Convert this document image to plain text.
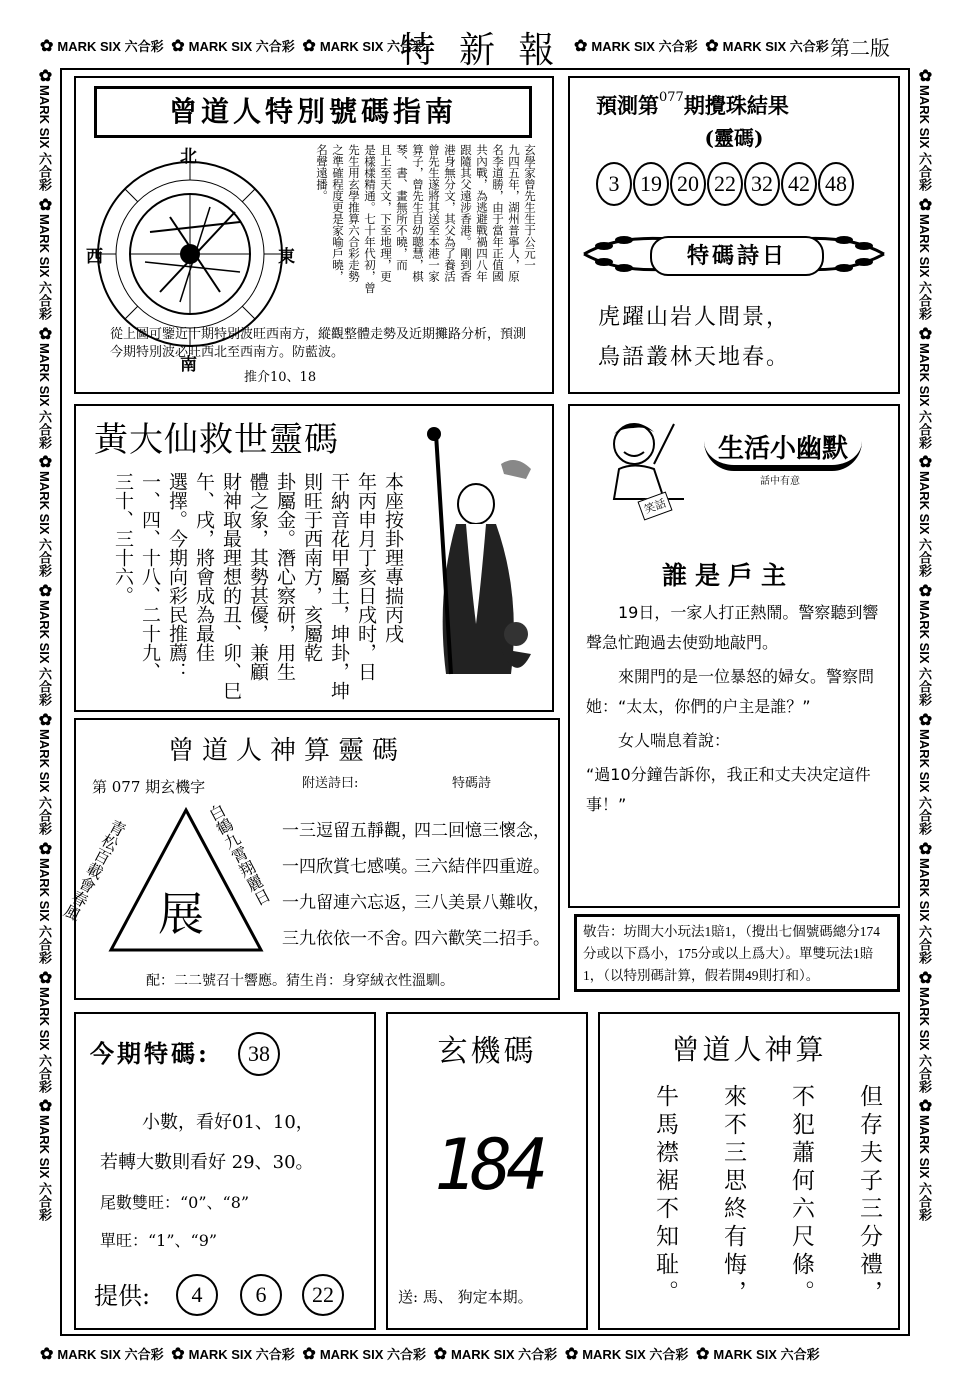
✿ MARK SIX 六合彩 ✿ MARK SIX 六合彩 ✿ MARK SIX 六合彩	✿ MARK SIX 六合彩 ✿ MARK SIX 六合彩
✿ MARK SIX 六合彩 ✿ MARK SIX 六合彩 ✿ MARK SIX 六合彩 ✿ MARK SIX 六合彩 ✿ MARK SIX 六合彩 ✿ MARK SIX 六合彩
✿MARK SIX 六合彩 ✿MARK SIX 六合彩 ✿MARK SIX 六合彩 ✿MARK SIX 六合彩 ✿MARK SIX 六合彩 ✿MARK SIX 六合彩 ✿MARK SIX 六合彩 ✿MARK SIX 六合彩 ✿MARK SIX 六合彩
✿MARK SIX 六合彩 ✿MARK SIX 六合彩 ✿MARK SIX 六合彩 ✿MARK SIX 六合彩 ✿MARK SIX 六合彩 ✿MARK SIX 六合彩 ✿MARK SIX 六合彩 ✿MARK SIX 六合彩 ✿MARK SIX 六合彩
特 新 報	第二版
曾道人特別號碼指南
北
南
東
西	玄學家曾先生生于公元一
九四五年，湖州普寧人，原
名李道勝，由于當年正值國
共內戰，為逃避戰禍四八年
跟隨其父遠涉香港。剛到香
港身無分文，其父為了養活
曾先生遂將其送至本港一家
算子，曾先生自幼聰慧，棋
琴、書、畫無所不曉，而
且上至天文，下至地理，更
是樣樣精通。七十年代初，曾
先生用玄學推算六合彩走勢
之準確程度更是家喻戶曉，
名聲遠播。
從上圖可鑒近十期特別波旺西南方，縱觀整體走勢及近期攤路分析，預測今期特別波必旺西北至西南方。防藍波。
推介10、18
預測第$^{077}$期攪珠結果
(靈碼)
3 19 20 22 32 42 48
特碼詩日
虎躍山岩人間景，
鳥語叢林天地春。
黃大仙救世靈碼
本座按卦理專揣丙戌
年丙申月丁亥日戌时，日
干納音花甲屬土，坤卦，坤
則旺于西南方，亥屬乾
卦屬金。潛心察研，用生
體之象，其勢甚優，兼顧
財神取最理想的丑、卯、巳
午、戌，將會成為最佳
選擇。今期向彩民推薦：
一、四、十八、二十九、
三十、三十六。	笑話
生活小幽默
話中有意
誰是戶主

19日，一家人打正熱鬧。警察聽到響聲急忙跑過去使勁地敲門。

來開門的是一位暴怒的婦女。警察問她：“太太，你們的户主是誰？”

女人喘息着說：

“過10分鐘告訴你，我正和丈夫决定這件事！”

曾道人神算靈碼
第 077 期玄機字	附送詩曰:	特碼詩
青松百載會春風	白鶴九霄翔麗日
展
一三逗留五靜觀，
四二回憶三懷念，
一四欣賞七感嘆。
三六結伴四重遊。
一九留連六忘返，
三八美景八難收，
三九依依一不舍。
四六歡笑二招手。
配：二二號召十響應。猜生肖：身穿絨衣性溫馴。
敬告：坊間大小玩法1賠1，（攪出七個號碼總分174分或以下爲小，175分或以上爲大）。單雙玩法1賠1，（以特別碼計算，假若開49則打和）。
今期特碼:	38
小數，看好01、10，
若轉大數則看好 29、30。
尾數雙旺：“0”、“8”
單旺：“1”、“9”
提供:	4	6	22
玄機碼
184
送: 馬、 狗定本期。
曾道人神算
但存夫子三分禮，
不犯蕭何六尺條。
來不三思終有悔，
牛馬襟裾不知耻。
